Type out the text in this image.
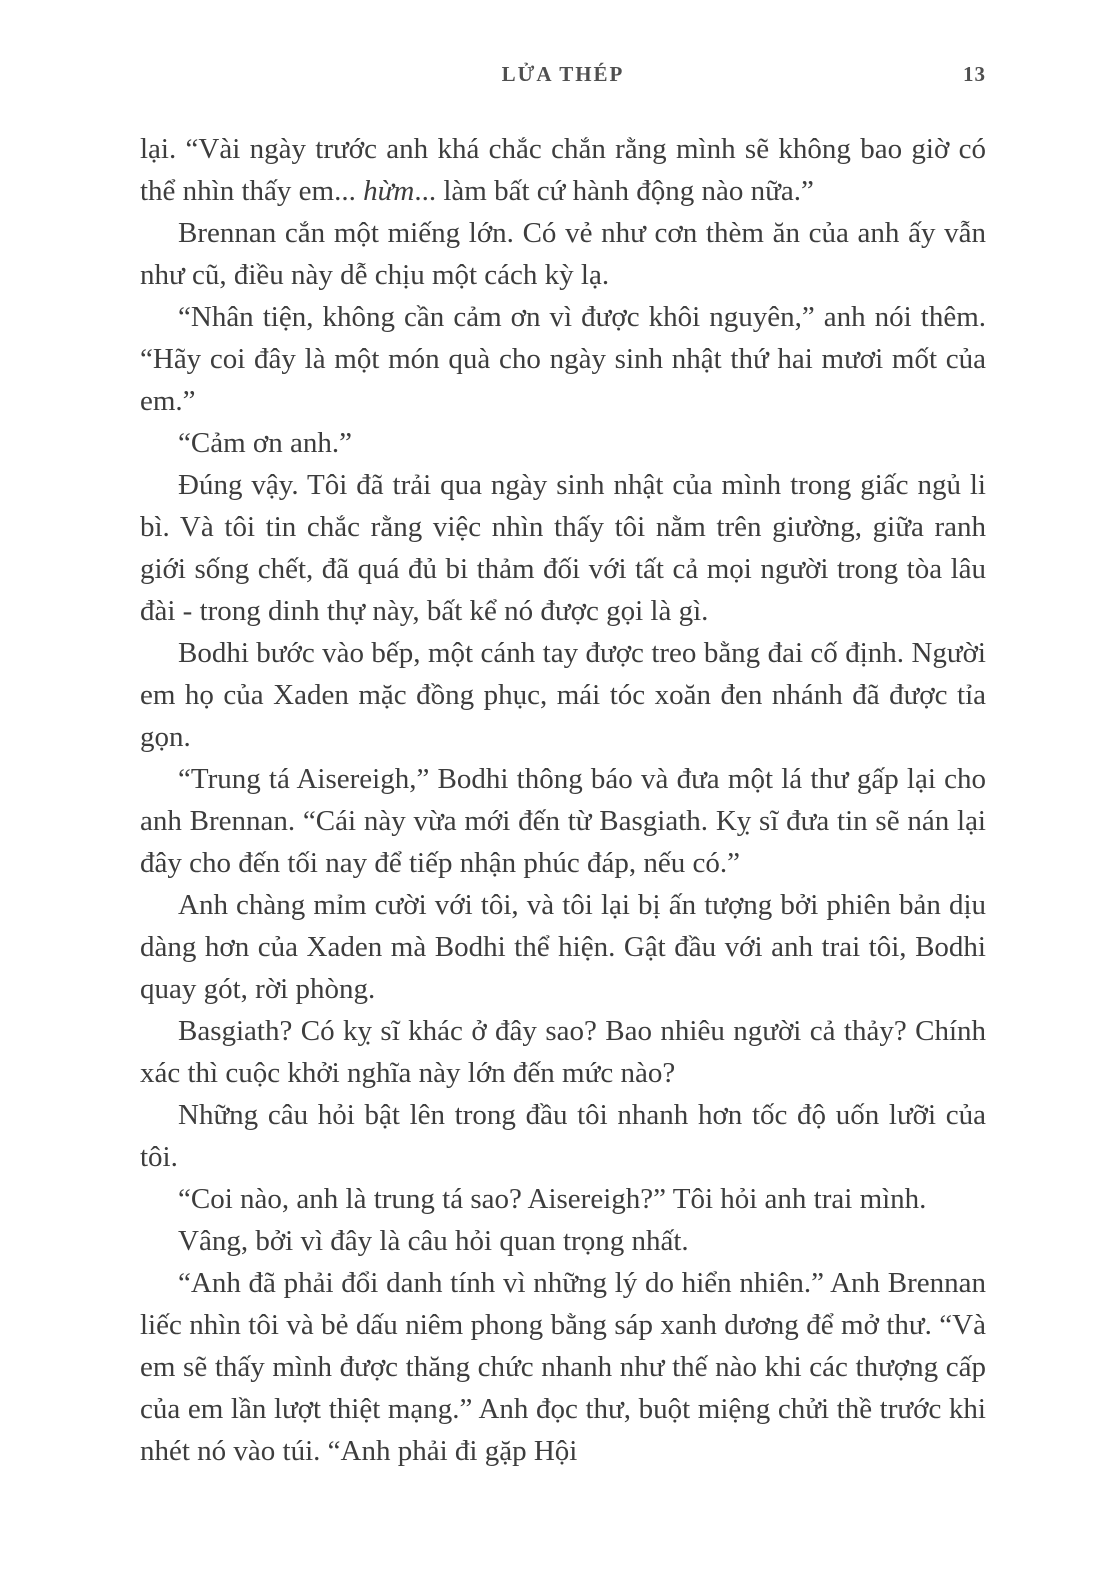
LỬA THÉP	13

lại. “Vài ngày trước anh khá chắc chắn rằng mình sẽ không bao giờ có thể nhìn thấy em... hừm... làm bất cứ hành động nào nữa.”

Brennan cắn một miếng lớn. Có vẻ như cơn thèm ăn của anh ấy vẫn như cũ, điều này dễ chịu một cách kỳ lạ.

“Nhân tiện, không cần cảm ơn vì được khôi nguyên,” anh nói thêm. “Hãy coi đây là một món quà cho ngày sinh nhật thứ hai mươi mốt của em.”

“Cảm ơn anh.”

Đúng vậy. Tôi đã trải qua ngày sinh nhật của mình trong giấc ngủ li bì. Và tôi tin chắc rằng việc nhìn thấy tôi nằm trên giường, giữa ranh giới sống chết, đã quá đủ bi thảm đối với tất cả mọi người trong tòa lâu đài - trong dinh thự này, bất kể nó được gọi là gì.

Bodhi bước vào bếp, một cánh tay được treo bằng đai cố định. Người em họ của Xaden mặc đồng phục, mái tóc xoăn đen nhánh đã được tỉa gọn.

“Trung tá Aisereigh,” Bodhi thông báo và đưa một lá thư gấp lại cho anh Brennan. “Cái này vừa mới đến từ Basgiath. Kỵ sĩ đưa tin sẽ nán lại đây cho đến tối nay để tiếp nhận phúc đáp, nếu có.”

Anh chàng mỉm cười với tôi, và tôi lại bị ấn tượng bởi phiên bản dịu dàng hơn của Xaden mà Bodhi thể hiện. Gật đầu với anh trai tôi, Bodhi quay gót, rời phòng.

Basgiath? Có kỵ sĩ khác ở đây sao? Bao nhiêu người cả thảy? Chính xác thì cuộc khởi nghĩa này lớn đến mức nào?

Những câu hỏi bật lên trong đầu tôi nhanh hơn tốc độ uốn lưỡi của tôi.

“Coi nào, anh là trung tá sao? Aisereigh?” Tôi hỏi anh trai mình.

Vâng, bởi vì đây là câu hỏi quan trọng nhất.

“Anh đã phải đổi danh tính vì những lý do hiển nhiên.” Anh Brennan liếc nhìn tôi và bẻ dấu niêm phong bằng sáp xanh dương để mở thư. “Và em sẽ thấy mình được thăng chức nhanh như thế nào khi các thượng cấp của em lần lượt thiệt mạng.” Anh đọc thư, buột miệng chửi thề trước khi nhét nó vào túi. “Anh phải đi gặp Hội
